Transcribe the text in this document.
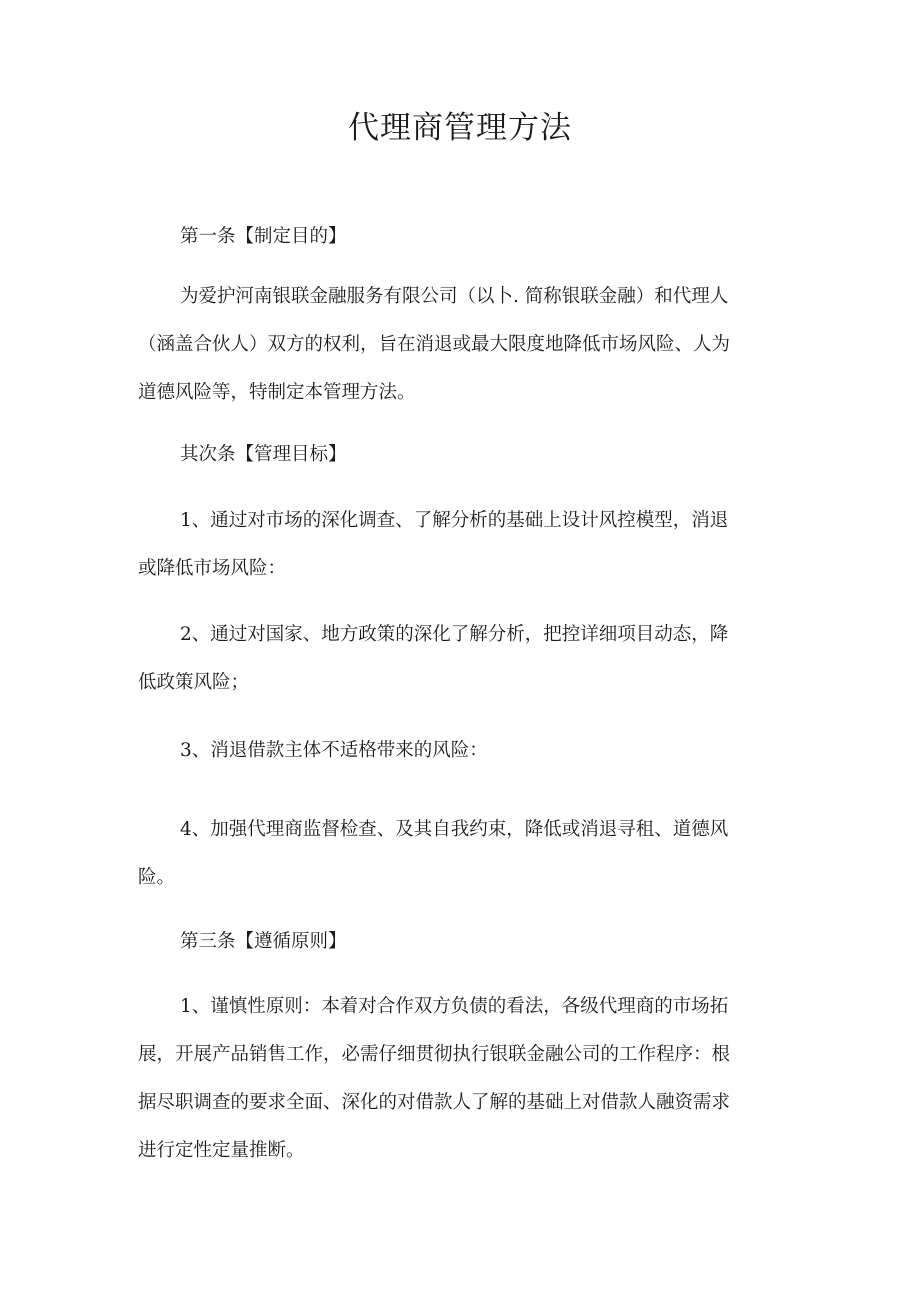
代理商管理方法
第一条【制定目的】
为爱护河南银联金融服务有限公司（以卜. 简称银联金融）和代理人
（涵盖合伙人）双方的权利，旨在消退或最大限度地降低市场风险、人为
道德风险等，特制定本管理方法。
其次条【管理目标】
1、通过对市场的深化调查、了解分析的基础上设计风控模型，消退
或降低市场风险：
2、通过对国家、地方政策的深化了解分析，把控详细项目动态，降
低政策风险；
3、消退借款主体不适格带来的风险：
4、加强代理商监督检查、及其自我约束，降低或消退寻租、道德风
险。
第三条【遵循原则】
1、谨慎性原则：本着对合作双方负债的看法，各级代理商的市场拓
展，开展产品销售工作，必需仔细贯彻执行银联金融公司的工作程序：根
据尽职调查的要求全面、深化的对借款人了解的基础上对借款人融资需求
进行定性定量推断。
